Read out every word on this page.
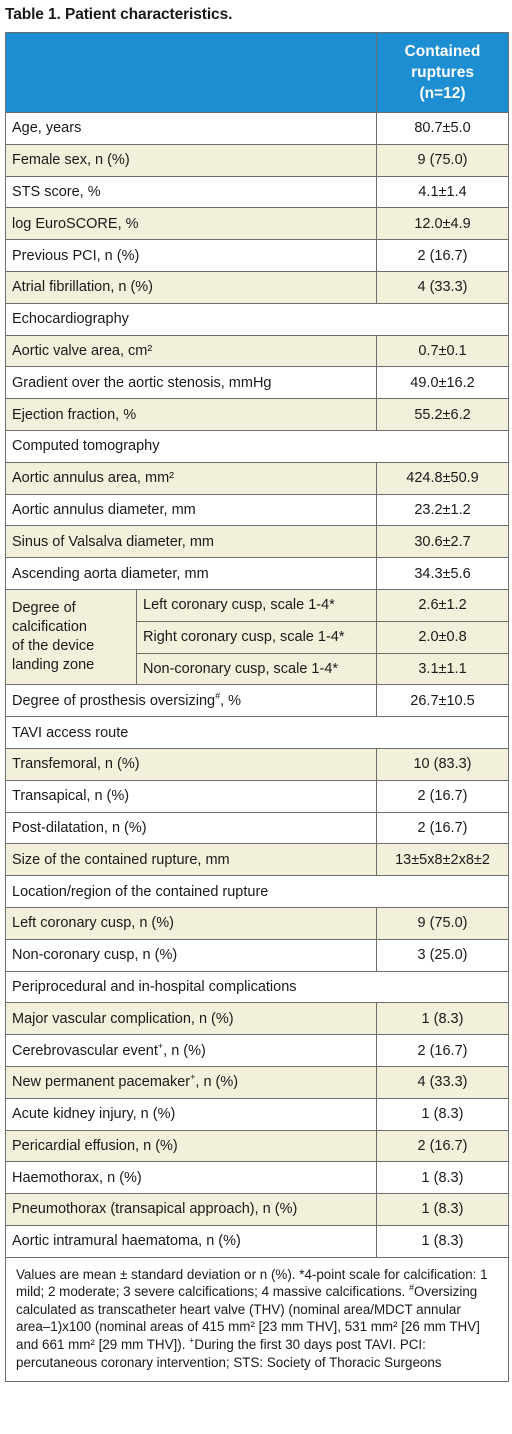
Table 1. Patient characteristics.

		Contained
ruptures
(n=12)

Age, years		80.7±5.0
Female sex, n (%)		9 (75.0)
STS score, %		4.1±1.4
log EuroSCORE, %		12.0±4.9
Previous PCI, n (%)		2 (16.7)
Atrial fibrillation, n (%)		4 (33.3)
Echocardiography		
Aortic valve area, cm²		0.7±0.1
Gradient over the aortic stenosis, mmHg		49.0±16.2
Ejection fraction, %		55.2±6.2
Computed tomography		
Aortic annulus area, mm²		424.8±50.9
Aortic annulus diameter, mm		23.2±1.2
Sinus of Valsalva diameter, mm		30.6±2.7
Ascending aorta diameter, mm		34.3±5.6

Degree of
calcification
of the device
landing zone	Left coronary cusp, scale 1-4*	2.6±1.2
	Right coronary cusp, scale 1-4*	2.0±0.8
	Non-coronary cusp, scale 1-4*	3.1±1.1
Degree of prosthesis oversizing#, %		26.7±10.5
TAVI access route		
Transfemoral, n (%)		10 (83.3)
Transapical, n (%)		2 (16.7)
Post-dilatation, n (%)		2 (16.7)
Size of the contained rupture, mm		13±5x8±2x8±2
Location/region of the contained rupture		
Left coronary cusp, n (%)		9 (75.0)
Non-coronary cusp, n (%)		3 (25.0)
Periprocedural and in-hospital complications		
Major vascular complication, n (%)		1 (8.3)
Cerebrovascular event+, n (%)		2 (16.7)
New permanent pacemaker+, n (%)		4 (33.3)
Acute kidney injury, n (%)		1 (8.3)
Pericardial effusion, n (%)		2 (16.7)
Haemothorax, n (%)		1 (8.3)
Pneumothorax (transapical approach), n (%)		1 (8.3)
Aortic intramural haematoma, n (%)		1 (8.3)
Values are mean ± standard deviation or n (%). *4-point scale for calcification: 1 mild; 2 moderate; 3 severe calcifications; 4 massive calcifications. #Oversizing calculated as transcatheter heart valve (THV) (nominal area/MDCT annular area–1)x100 (nominal areas of 415 mm² [23 mm THV], 531 mm² [26 mm THV] and 661 mm² [29 mm THV]). +During the first 30 days post TAVI. PCI: percutaneous coronary intervention; STS: Society of Thoracic Surgeons		
